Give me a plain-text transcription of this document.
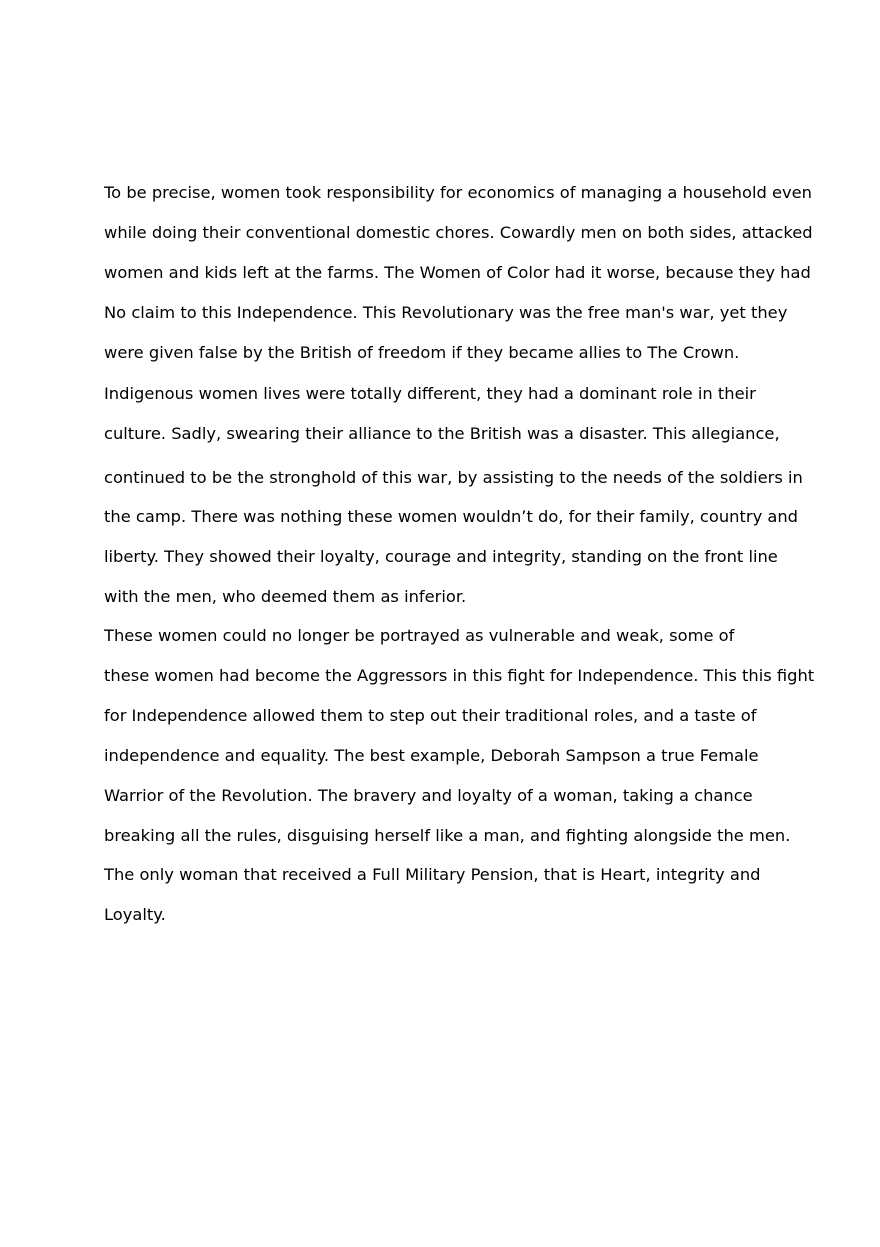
To be precise, women took responsibility for economics of managing a household even
while doing their conventional domestic chores. Cowardly men on both sides, attacked
women and kids left at the farms. The Women of Color had it worse, because they had
No claim to this Independence. This Revolutionary was the free man's war, yet they
were given false by the British of freedom if they became allies to The Crown.
Indigenous women lives were totally different, they had a dominant role in their
culture. Sadly, swearing their alliance to the British was a disaster. This allegiance,
continued to be the stronghold of this war, by assisting to the needs of the soldiers in
the camp. There was nothing these women wouldn’t do, for their family, country and
liberty. They showed their loyalty, courage and integrity, standing on the front line
with the men, who deemed them as inferior.
These women could no longer be portrayed as vulnerable and weak, some of
these women had become the Aggressors in this fight for Independence. This this fight
for Independence allowed them to step out their traditional roles, and a taste of
independence and equality. The best example, Deborah Sampson a true Female
Warrior of the Revolution. The bravery and loyalty of a woman, taking a chance
breaking all the rules, disguising herself like a man, and fighting alongside the men.
The only woman that received a Full Military Pension, that is Heart, integrity and
Loyalty.
